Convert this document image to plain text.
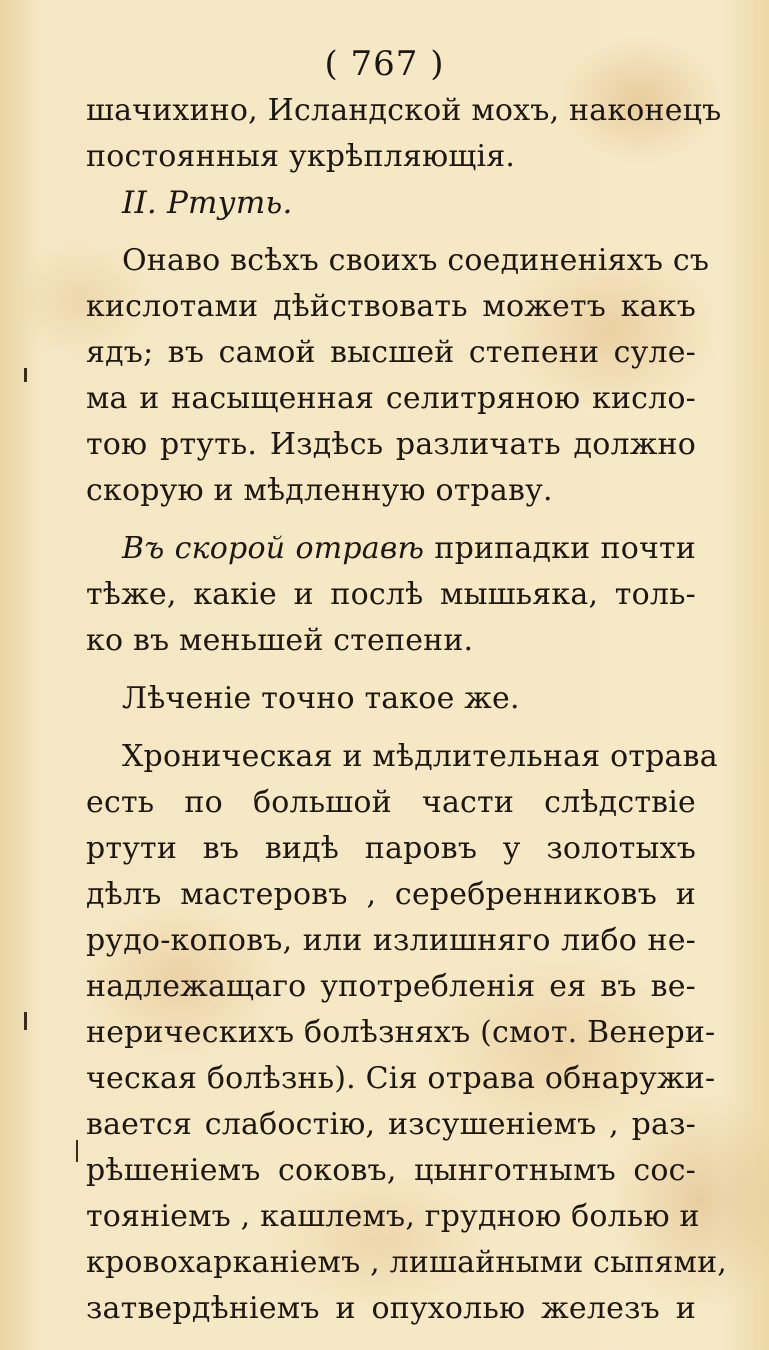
( 767 )
шачихино, Исландской мохъ, наконецъ
постоянныя укрѣпляющія.
II. Ртуть.
Онаво всѣхъ своихъ соединеніяхъ съ
кислотами дѣйствовать можетъ какъ
ядъ; въ самой высшей степени суле-
ма и насыщенная селитряною кисло-
тою ртуть. Издѣсь различать должно
скорую и мѣдленную отраву.
Въ скорой отравѣ припадки почти
тѣже, какіе и послѣ мышьяка, толь-
ко въ меньшей степени.
Лѣченіе точно такое же.
Хроническая и мѣдлительная отрава
есть по большой части слѣдствіе
ртути въ видѣ паровъ у золотыхъ
дѣлъ мастеровъ , серебренниковъ и
рудо-коповъ, или излишняго либо не-
надлежащаго употребленія ея въ ве-
нерическихъ болѣзняхъ (смот. Венери-
ческая болѣзнь). Сія отрава обнаружи-
вается слабостію, изсушеніемъ , раз-
рѣшеніемъ соковъ, цынготнымъ сос-
тояніемъ , кашлемъ, грудною болью и
кровохарканіемъ , лишайными сыпями,
затвердѣніемъ и опухолью железъ и
